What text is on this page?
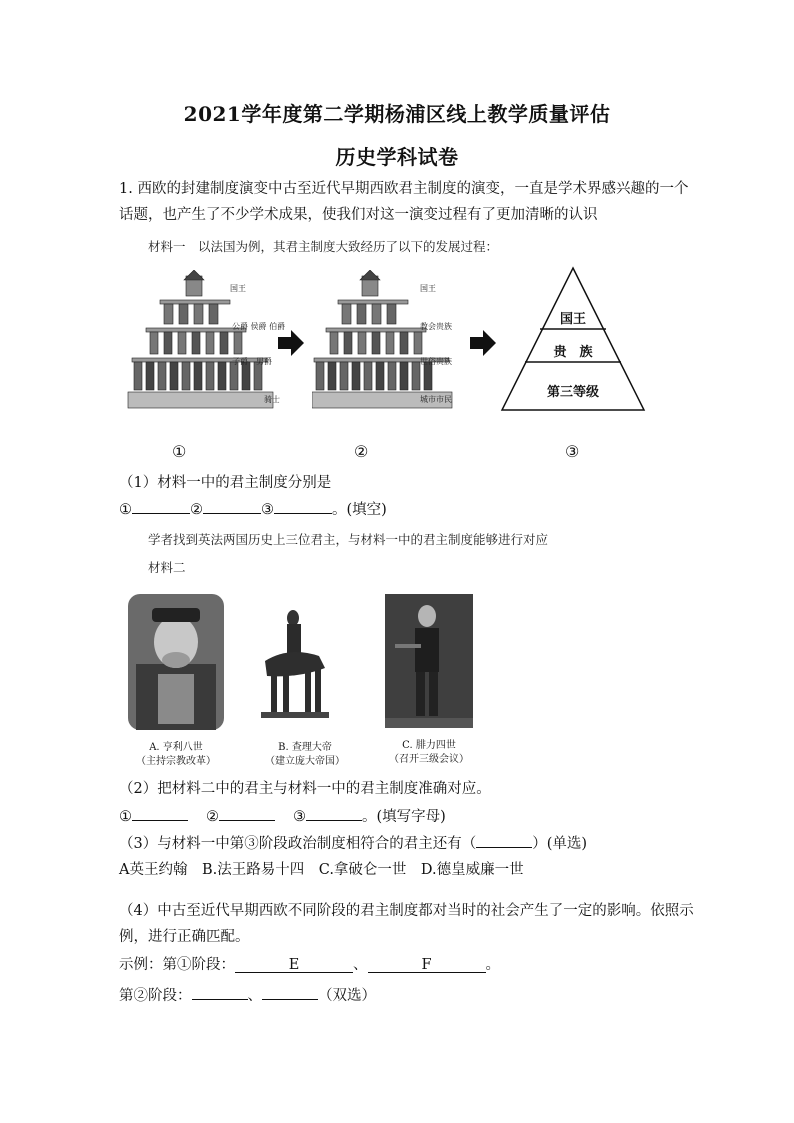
2021学年度第二学期杨浦区线上教学质量评估
历史学科试卷
1. 西欧的封建制度演变中古至近代早期西欧君主制度的演变，一直是学术界感兴趣的一个
话题，也产生了不少学术成果，使我们对这一演变过程有了更加清晰的认识
材料一　以法国为例，其君主制度大致经历了以下的发展过程：
国王
公爵 侯爵 伯爵
子爵　男爵
骑士
国王
教会贵族
世俗贵族
城市市民
国王
贵　族
第三等级
①	②	③
（1）材料一中的君主制度分别是
①	②	③	。(填空)
学者找到英法两国历史上三位君主，与材料一中的君主制度能够进行对应
材料二
A. 亨利八世
（主持宗教改革）
B. 查理大帝
（建立庞大帝国）
C. 腓力四世
（召开三级会议）
（2）把材料二中的君主与材料一中的君主制度准确对应。
①	②	③	。(填写字母)
（3）与材料一中第③阶段政治制度相符合的君主还有（	）(单选)
A英王约翰　B.法王路易十四　C.拿破仑一世　D.德皇威廉一世
（4）中古至近代早期西欧不同阶段的君主制度都对当时的社会产生了一定的影响。依照示
例，进行正确匹配。
示例：第①阶段：	E	、	F	。
第②阶段：	、	（双选）
